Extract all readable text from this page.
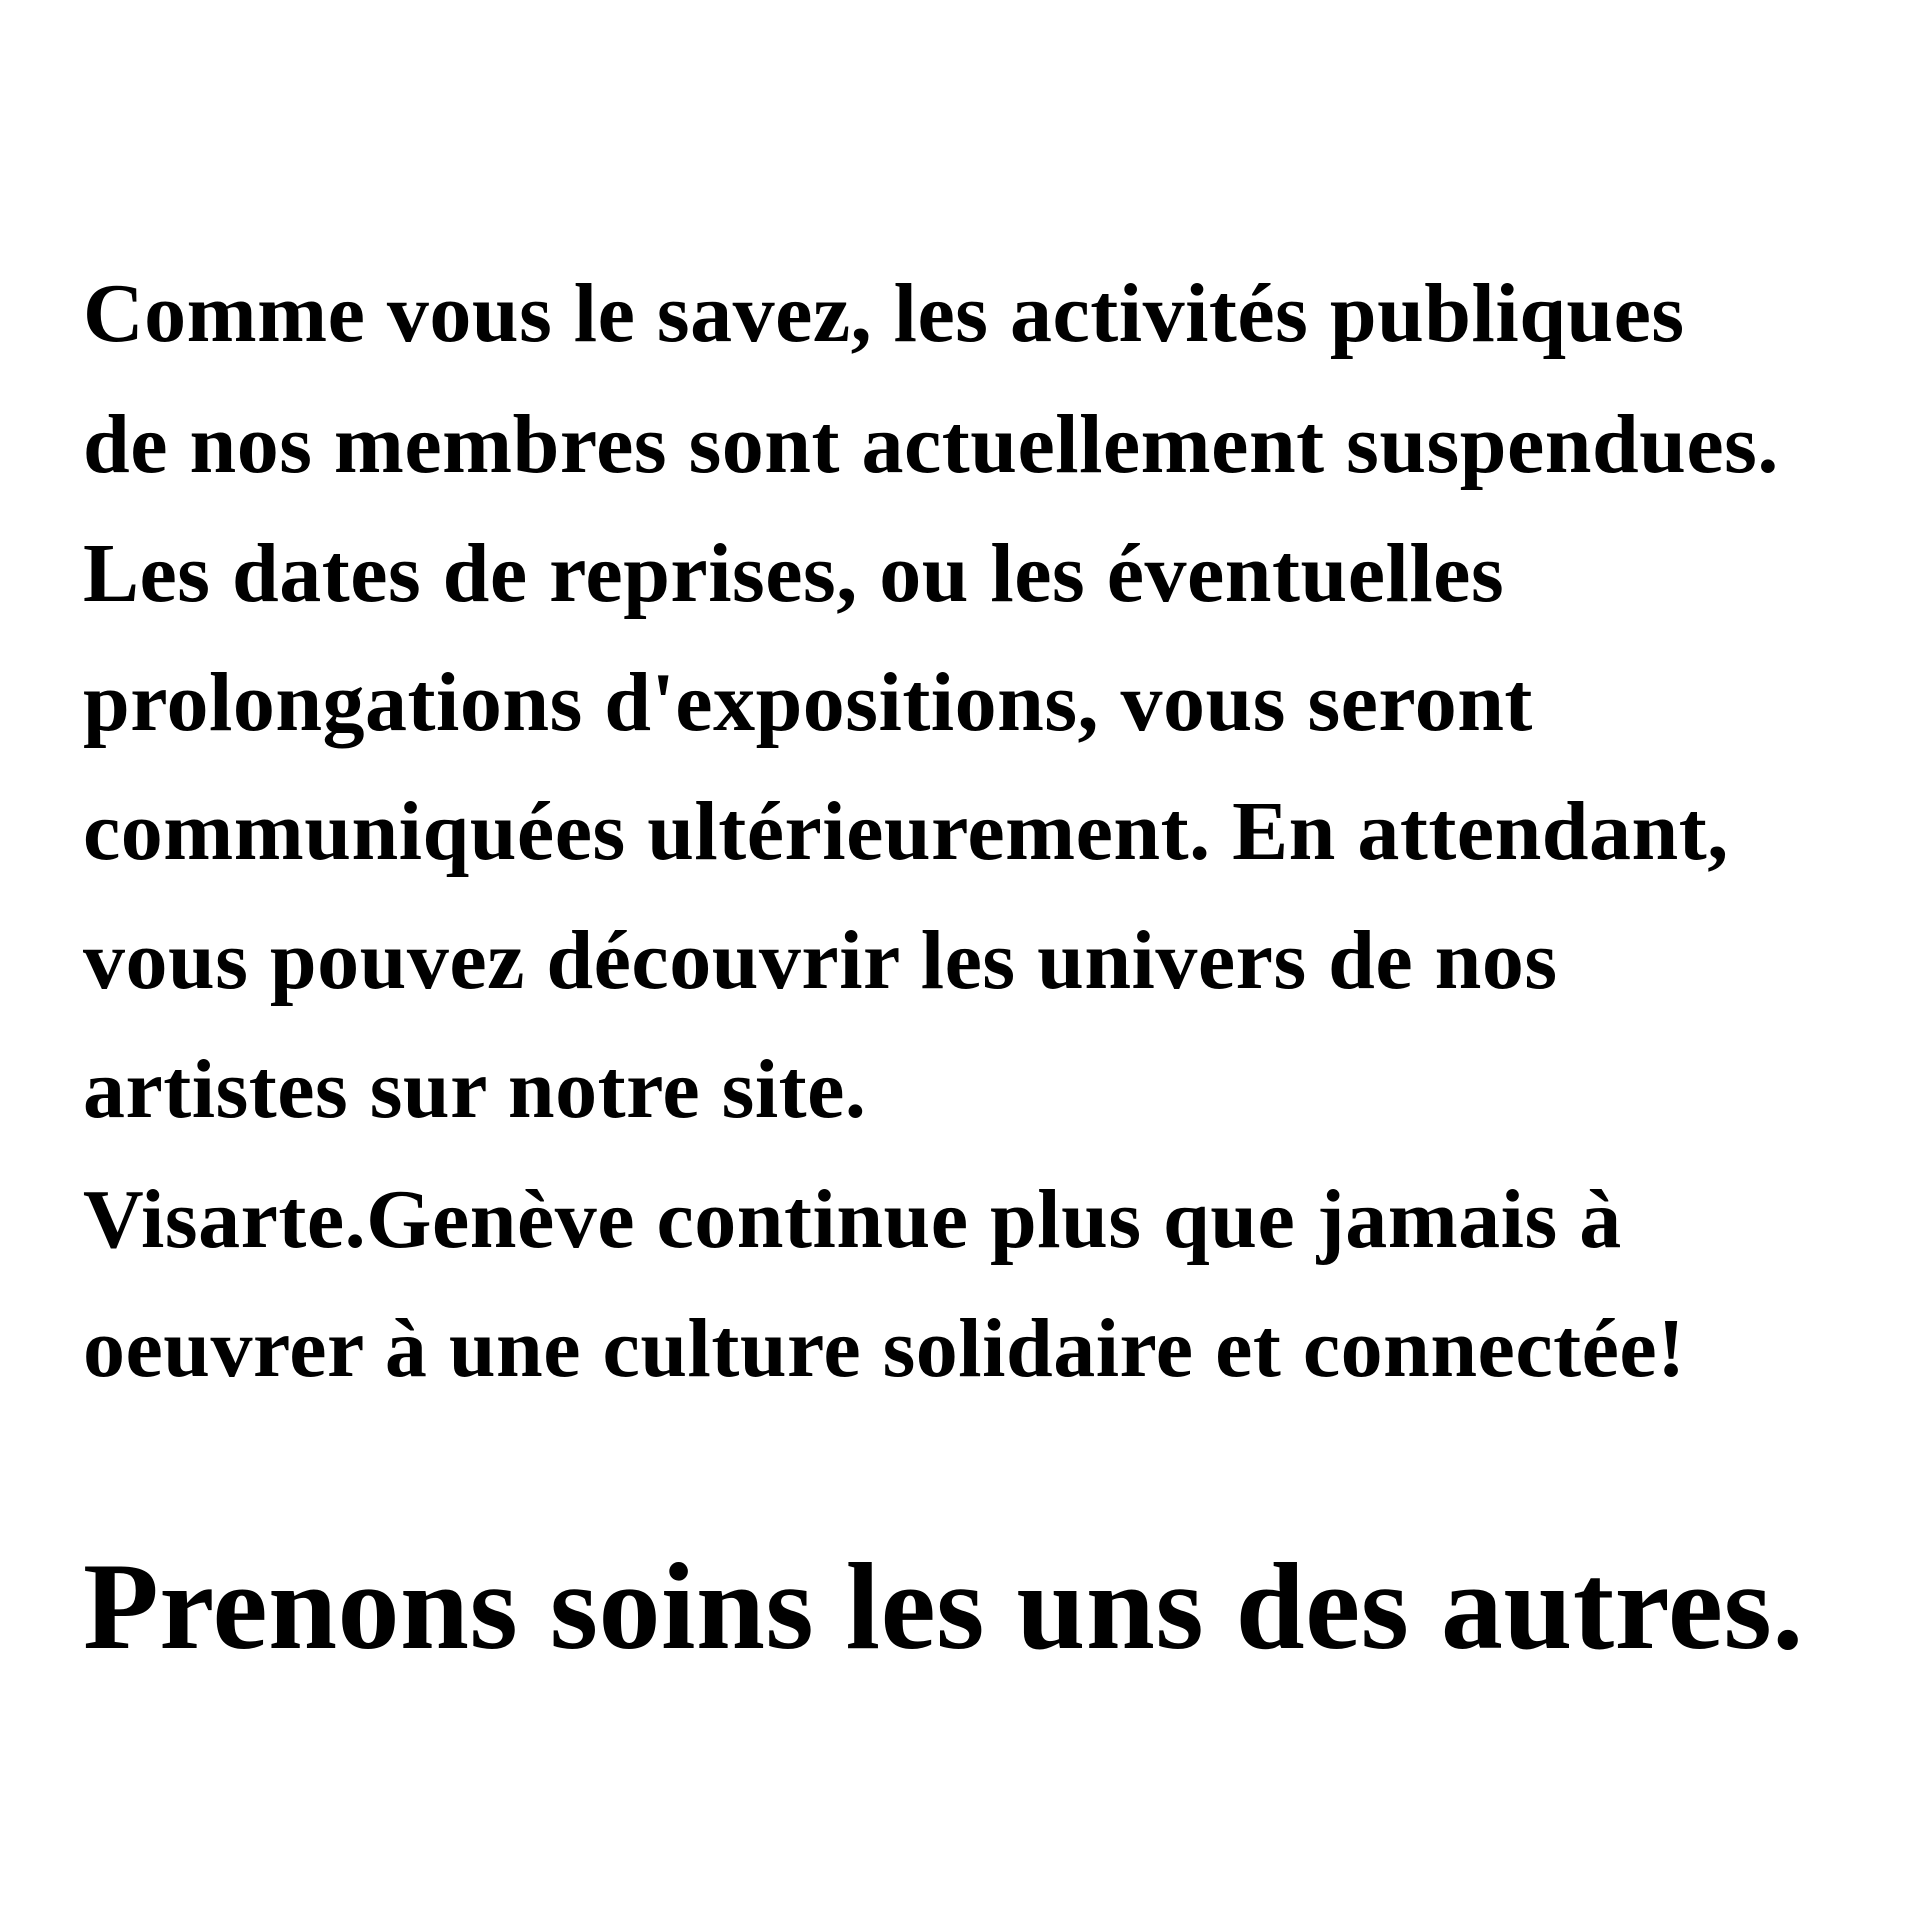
Comme vous le savez, les activités publiques
de nos membres sont actuellement suspendues.
Les dates de reprises, ou les éventuelles
prolongations d'expositions, vous seront
communiquées ultérieurement. En attendant,
vous pouvez découvrir les univers de nos
artistes sur notre site.
Visarte.Genève continue plus que jamais à
oeuvrer à une culture solidaire et connectée!
Prenons soins les uns des autres.
